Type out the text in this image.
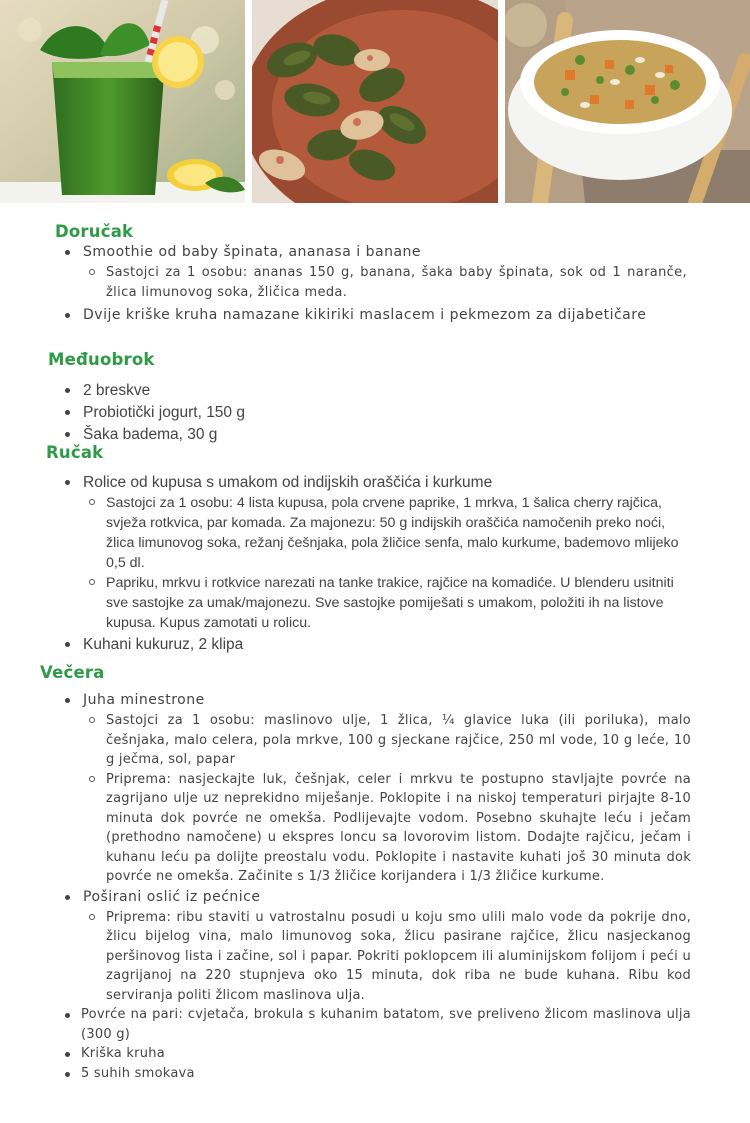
Doručak
Smoothie od baby špinata, ananasa i banane
Sastojci za 1 osobu: ananas 150 g, banana, šaka baby špinata, sok od 1 naranče, žlica limunovog soka, žličica meda.
Dvije kriške kruha namazane kikiriki maslacem i pekmezom za dijabetičare
Međuobrok
2 breskve
Probiotički jogurt, 150 g
Šaka badema, 30 g
Ručak
Rolice od kupusa s umakom od indijskih oraščića i kurkume
Sastojci za 1 osobu: 4 lista kupusa, pola crvene paprike, 1 mrkva, 1 šalica cherry rajčica, svježa rotkvica, par komada. Za majonezu: 50 g indijskih oraščića namočenih preko noći, žlica limunovog soka, režanj češnjaka, pola žličice senfa, malo kurkume, bademovo mlijeko 0,5 dl.
Papriku, mrkvu i rotkvice narezati na tanke trakice, rajčice na komadiće. U blenderu usitniti sve sastojke za umak/majonezu. Sve sastojke pomiješati s umakom, položiti ih na listove kupusa. Kupus zamotati u rolicu.
Kuhani kukuruz, 2 klipa
Večera
Juha minestrone
Sastojci za 1 osobu: maslinovo ulje, 1 žlica, ¼ glavice luka (ili poriluka), malo češnjaka, malo celera, pola mrkve, 100 g sjeckane rajčice, 250 ml vode, 10 g leće, 10 g ječma, sol, papar
Priprema: nasjeckajte luk, češnjak, celer i mrkvu te postupno stavljajte povrće na zagrijano ulje uz neprekidno miješanje. Poklopite i na niskoj temperaturi pirjajte 8-10 minuta dok povrće ne omekša. Podlijevajte vodom. Posebno skuhajte leću i ječam (prethodno namočene) u ekspres loncu sa lovorovim listom. Dodajte rajčicu, ječam i kuhanu leću pa dolijte preostalu vodu. Poklopite i nastavite kuhati još 30 minuta dok povrće ne omekša. Začinite s 1/3 žličice korijandera i 1/3 žličice kurkume.
Poširani oslić iz pećnice
Priprema: ribu staviti u vatrostalnu posudi u koju smo ulili malo vode da pokrije dno, žlicu bijelog vina, malo limunovog soka, žlicu pasirane rajčice, žlicu nasjeckanog peršinovog lista i začine, sol i papar. Pokriti poklopcem ili aluminijskom folijom i peći u zagrijanoj na 220 stupnjeva oko 15 minuta, dok riba ne bude kuhana. Ribu kod serviranja politi žlicom maslinova ulja.
Povrće na pari: cvjetača, brokula s kuhanim batatom, sve preliveno žlicom maslinova ulja (300 g)
Kriška kruha
5 suhih smokava
